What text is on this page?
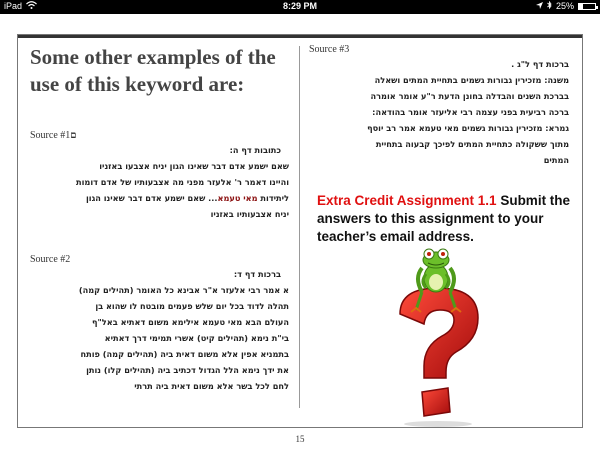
iPad	8:29 PM	25%
Some other examples of the use of this keyword are:
Source #1ם
כתובות דף ה:
שאם ישמע אדם דבר שאינו הגון יניח אצבעו באזניו
והיינו דאמר ר' אלעזר מפני מה אצבעותיו של אדם דומות
ליתידות מאי טעמא... שאם ישמע אדם דבר שאינו הגון
יניח אצבעותיו באזניו
Source #2
ברכות דף ד:
א אמר רבי אלעזר א"ר אבינא כל האומר (תהילים קמה)
תהלה לדוד בכל יום שלש פעמים מובטח לו שהוא בן
העולם הבא מאי טעמא אילימא משום דאתיא באל"ף
בי"ת נימא (תהילים קיט) אשרי תמימי דרך דאתיא
בתמניא אפין אלא משום דאית ביה (תהילים קמה) פותח
את ידך נימא הלל הגדול דכתיב ביה (תהילים קלו) נותן
לחם לכל בשר אלא משום דאית ביה תרתי
Source #3
ברכות דף ל"ג .
משנה: מזכירין גבורות גשמים בתחיית המתים ושאלה
בברכת השנים והבדלה בחונן הדעת ר"ע אומר אומרה
ברכה רביעית בפני עצמה רבי אליעזר אומר בהודאה:
גמרא: מזכירין גבורות גשמים מאי טעמא אמר רב יוסף
מתוך ששקולה כתחיית המתים לפיכך קבעוה בתחיית
המתים
Extra Credit Assignment 1.1 Submit the answers to this assignment to your teacher’s email address.
15
